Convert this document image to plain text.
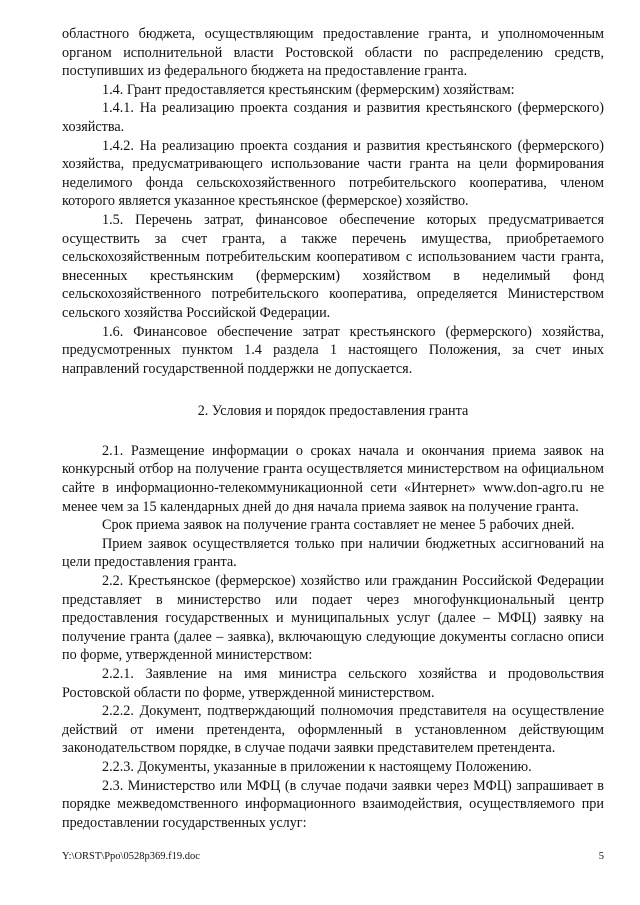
областного бюджета, осуществляющим предоставление гранта, и уполномоченным органом исполнительной власти Ростовской области по распределению средств, поступивших из федерального бюджета на предоставление гранта.

1.4. Грант предоставляется крестьянским (фермерским) хозяйствам:

1.4.1. На реализацию проекта создания и развития крестьянского (фермерского) хозяйства.

1.4.2. На реализацию проекта создания и развития крестьянского (фермерского) хозяйства, предусматривающего использование части гранта на цели формирования неделимого фонда сельскохозяйственного потребительского кооператива, членом которого является указанное крестьянское (фермерское) хозяйство.

1.5. Перечень затрат, финансовое обеспечение которых предусматривается осуществить за счет гранта, а также перечень имущества, приобретаемого сельскохозяйственным потребительским кооперативом с использованием части гранта, внесенных крестьянским (фермерским) хозяйством в неделимый фонд сельскохозяйственного потребительского кооператива, определяется Министерством сельского хозяйства Российской Федерации.

1.6. Финансовое обеспечение затрат крестьянского (фермерского) хозяйства, предусмотренных пунктом 1.4 раздела 1 настоящего Положения, за счет иных направлений государственной поддержки не допускается.

2. Условия и порядок предоставления гранта

2.1. Размещение информации о сроках начала и окончания приема заявок на конкурсный отбор на получение гранта осуществляется министерством на официальном сайте в информационно-телекоммуникационной сети «Интернет» www.don-agro.ru не менее чем за 15 календарных дней до дня начала приема заявок на получение гранта.

Срок приема заявок на получение гранта составляет не менее 5 рабочих дней.

Прием заявок осуществляется только при наличии бюджетных ассигнований на цели предоставления гранта.

2.2. Крестьянское (фермерское) хозяйство или гражданин Российской Федерации представляет в министерство или подает через многофункциональный центр предоставления государственных и муниципальных услуг (далее – МФЦ) заявку на получение гранта (далее – заявка), включающую следующие документы согласно описи по форме, утвержденной министерством:

2.2.1. Заявление на имя министра сельского хозяйства и продовольствия Ростовской области по форме, утвержденной министерством.

2.2.2. Документ, подтверждающий полномочия представителя на осуществление действий от имени претендента, оформленный в установленном действующим законодательством порядке, в случае подачи заявки представителем претендента.

2.2.3. Документы, указанные в приложении к настоящему Положению.

2.3. Министерство или МФЦ (в случае подачи заявки через МФЦ) запрашивает в порядке межведомственного информационного взаимодействия, осуществляемого при предоставлении государственных услуг:

Y:\ORST\Ppo\0528p369.f19.doc	5
